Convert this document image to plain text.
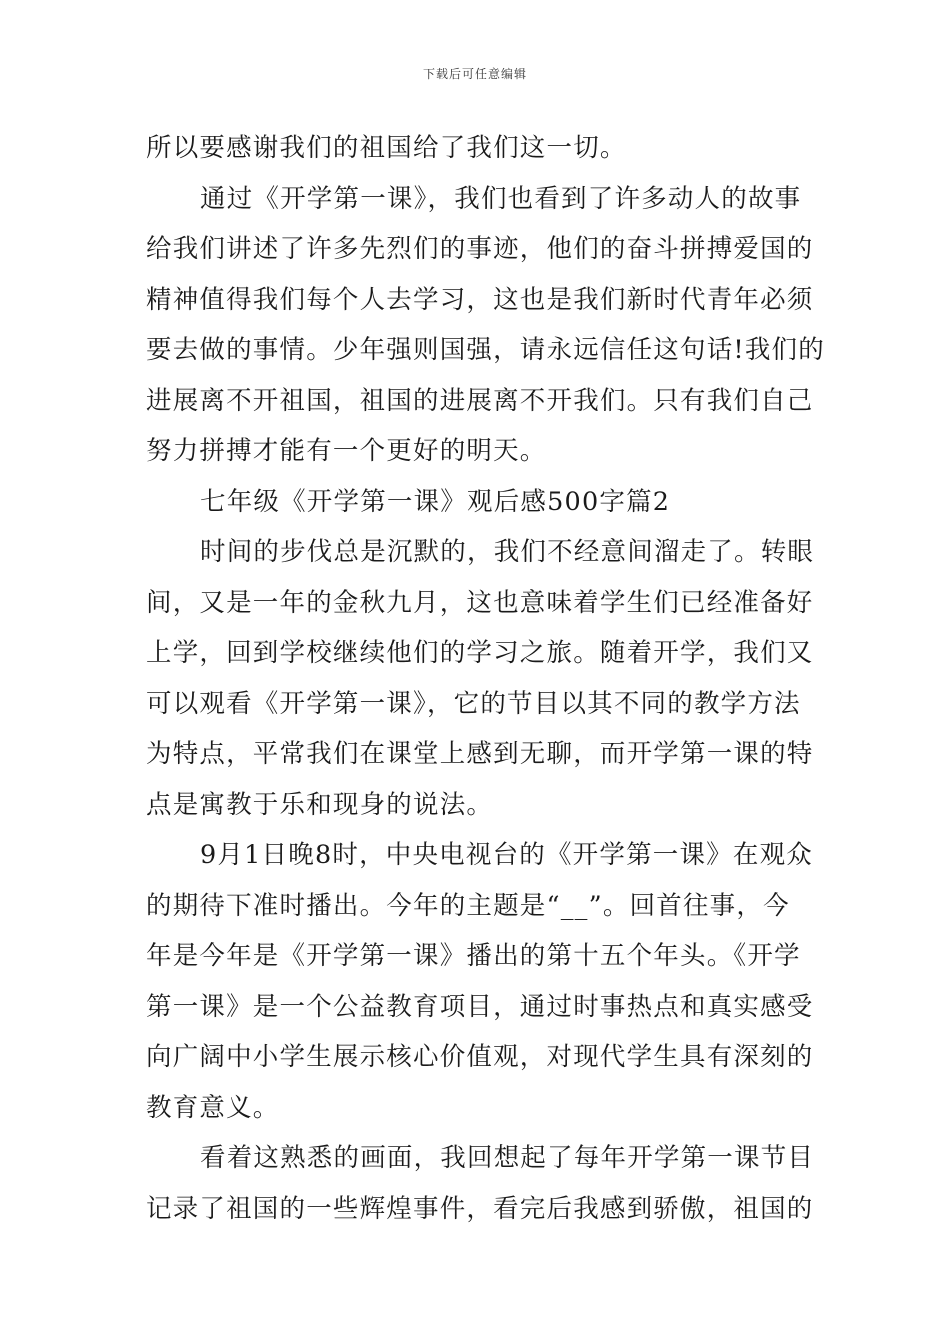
下载后可任意编辑
所以要感谢我们的祖国给了我们这一切。
通过《开学第一课》，我们也看到了许多动人的故事
给我们讲述了许多先烈们的事迹，他们的奋斗拼搏爱国的
精神值得我们每个人去学习，这也是我们新时代青年必须
要去做的事情。少年强则国强，请永远信任这句话!我们的
进展离不开祖国，祖国的进展离不开我们。只有我们自己
努力拼搏才能有一个更好的明天。
七年级《开学第一课》观后感500字篇2
时间的步伐总是沉默的，我们不经意间溜走了。转眼
间，又是一年的金秋九月，这也意味着学生们已经准备好
上学，回到学校继续他们的学习之旅。随着开学，我们又
可以观看《开学第一课》，它的节目以其不同的教学方法
为特点，平常我们在课堂上感到无聊，而开学第一课的特
点是寓教于乐和现身的说法。
9月1日晚8时，中央电视台的《开学第一课》在观众
的期待下准时播出。今年的主题是“__”。回首往事，今
年是今年是《开学第一课》播出的第十五个年头。《开学
第一课》是一个公益教育项目，通过时事热点和真实感受
向广阔中小学生展示核心价值观，对现代学生具有深刻的
教育意义。
看着这熟悉的画面，我回想起了每年开学第一课节目
记录了祖国的一些辉煌事件，看完后我感到骄傲，祖国的
